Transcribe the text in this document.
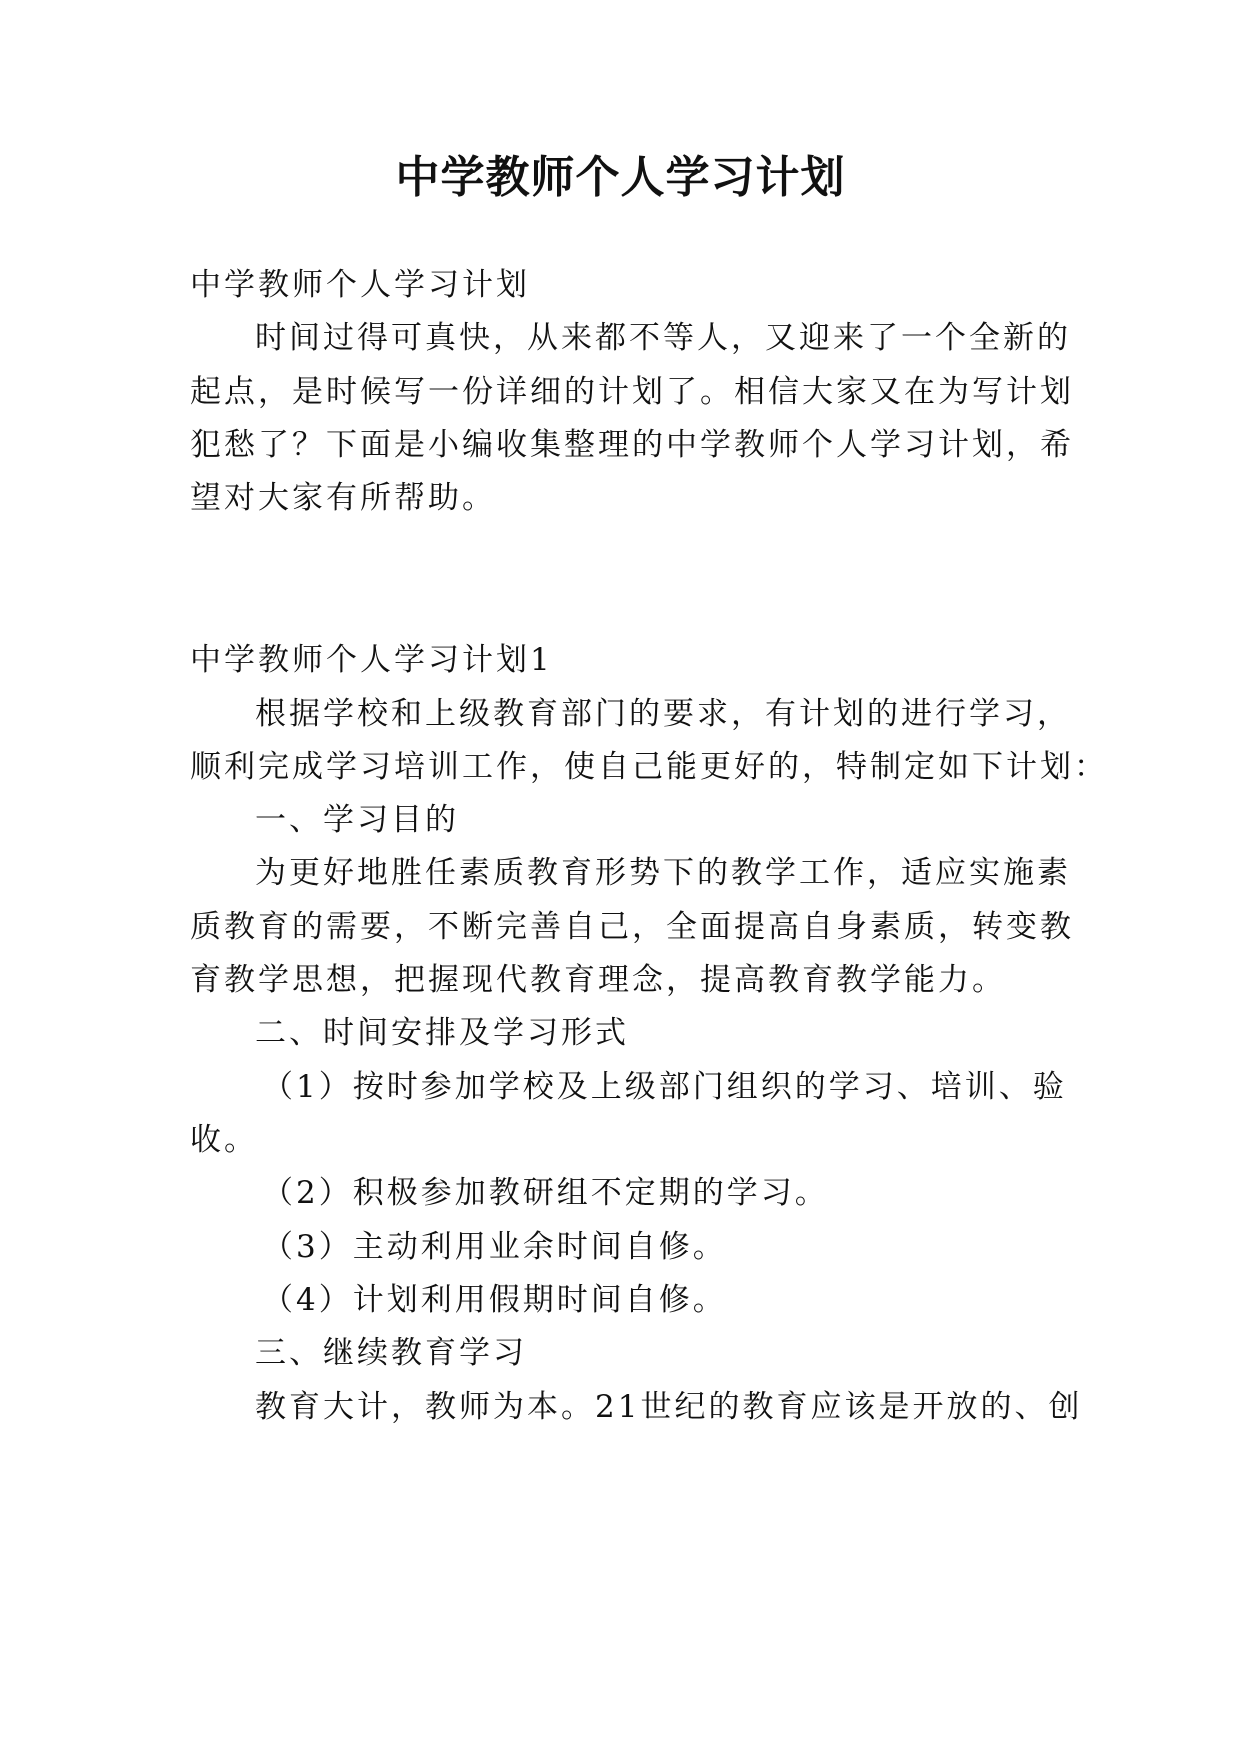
中学教师个人学习计划

中学教师个人学习计划

时间过得可真快，从来都不等人，又迎来了一个全新的

起点，是时候写一份详细的计划了。相信大家又在为写计划

犯愁了？下面是小编收集整理的中学教师个人学习计划，希

望对大家有所帮助。

中学教师个人学习计划1

根据学校和上级教育部门的要求，有计划的进行学习，

顺利完成学习培训工作，使自己能更好的，特制定如下计划：

一、学习目的

为更好地胜任素质教育形势下的教学工作，适应实施素

质教育的需要，不断完善自己，全面提高自身素质，转变教

育教学思想，把握现代教育理念，提高教育教学能力。

二、时间安排及学习形式

（1）按时参加学校及上级部门组织的学习、培训、验

收。

（2）积极参加教研组不定期的学习。

（3）主动利用业余时间自修。

（4）计划利用假期时间自修。

三、继续教育学习

教育大计，教师为本。21世纪的教育应该是开放的、创
